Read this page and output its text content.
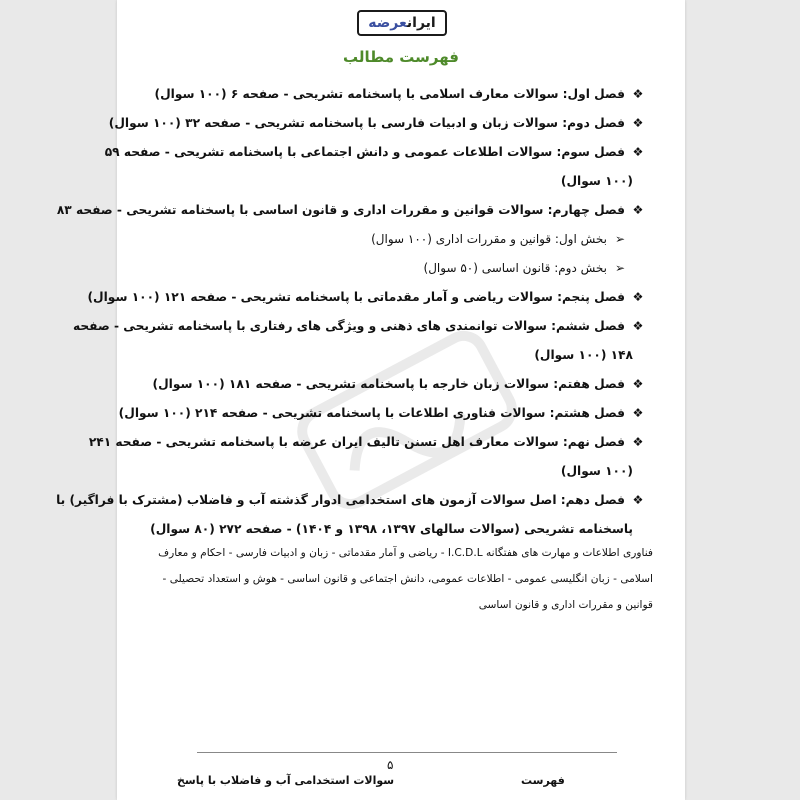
ایرانعرضه
فهرست مطالب
❖فصل اول: سوالات معارف اسلامی با پاسخنامه تشریحی - صفحه ۶ (۱۰۰ سوال)
❖فصل دوم: سوالات زبان و ادبیات فارسی با پاسخنامه تشریحی - صفحه ۳۲ (۱۰۰ سوال)
❖فصل سوم: سوالات اطلاعات عمومی و دانش اجتماعی با پاسخنامه تشریحی - صفحه ۵۹
(۱۰۰ سوال)
❖فصل چهارم: سوالات قوانین و مقررات اداری و قانون اساسی با پاسخنامه تشریحی - صفحه ۸۳
➢بخش اول: قوانین و مقررات اداری (۱۰۰ سوال)
➢بخش دوم: قانون اساسی (۵۰ سوال)
❖فصل پنجم: سوالات ریاضی و آمار مقدماتی با پاسخنامه تشریحی - صفحه ۱۲۱ (۱۰۰ سوال)
❖فصل ششم: سوالات توانمندی های ذهنی و ویژگی های رفتاری با پاسخنامه تشریحی - صفحه
۱۴۸ (۱۰۰ سوال)
❖فصل هفتم: سوالات زبان خارجه با پاسخنامه تشریحی - صفحه ۱۸۱ (۱۰۰ سوال)
❖فصل هشتم: سوالات فناوری اطلاعات با پاسخنامه تشریحی - صفحه ۲۱۴ (۱۰۰ سوال)
❖فصل نهم: سوالات معارف اهل تسنن تالیف ایران عرضه با پاسخنامه تشریحی - صفحه ۲۴۱
(۱۰۰ سوال)
❖فصل دهم: اصل سوالات آزمون های استخدامی ادوار گذشته آب و فاضلاب (مشترک با فراگیر) با
پاسخنامه تشریحی (سوالات سالهای ۱۳۹۷، ۱۳۹۸ و ۱۴۰۴) - صفحه ۲۷۲ (۸۰ سوال)
فناوری اطلاعات و مهارت های هفتگانه I.C.D.L - ریاضی و آمار مقدماتی - زبان و ادبیات فارسی - احکام و معارف
اسلامی - زبان انگلیسی عمومی - اطلاعات عمومی، دانش اجتماعی و قانون اساسی - هوش و استعداد تحصیلی -
قوانین و مقررات اداری و قانون اساسی
۵
سوالات استخدامی آب و فاضلاب با پاسخ	فهرست
